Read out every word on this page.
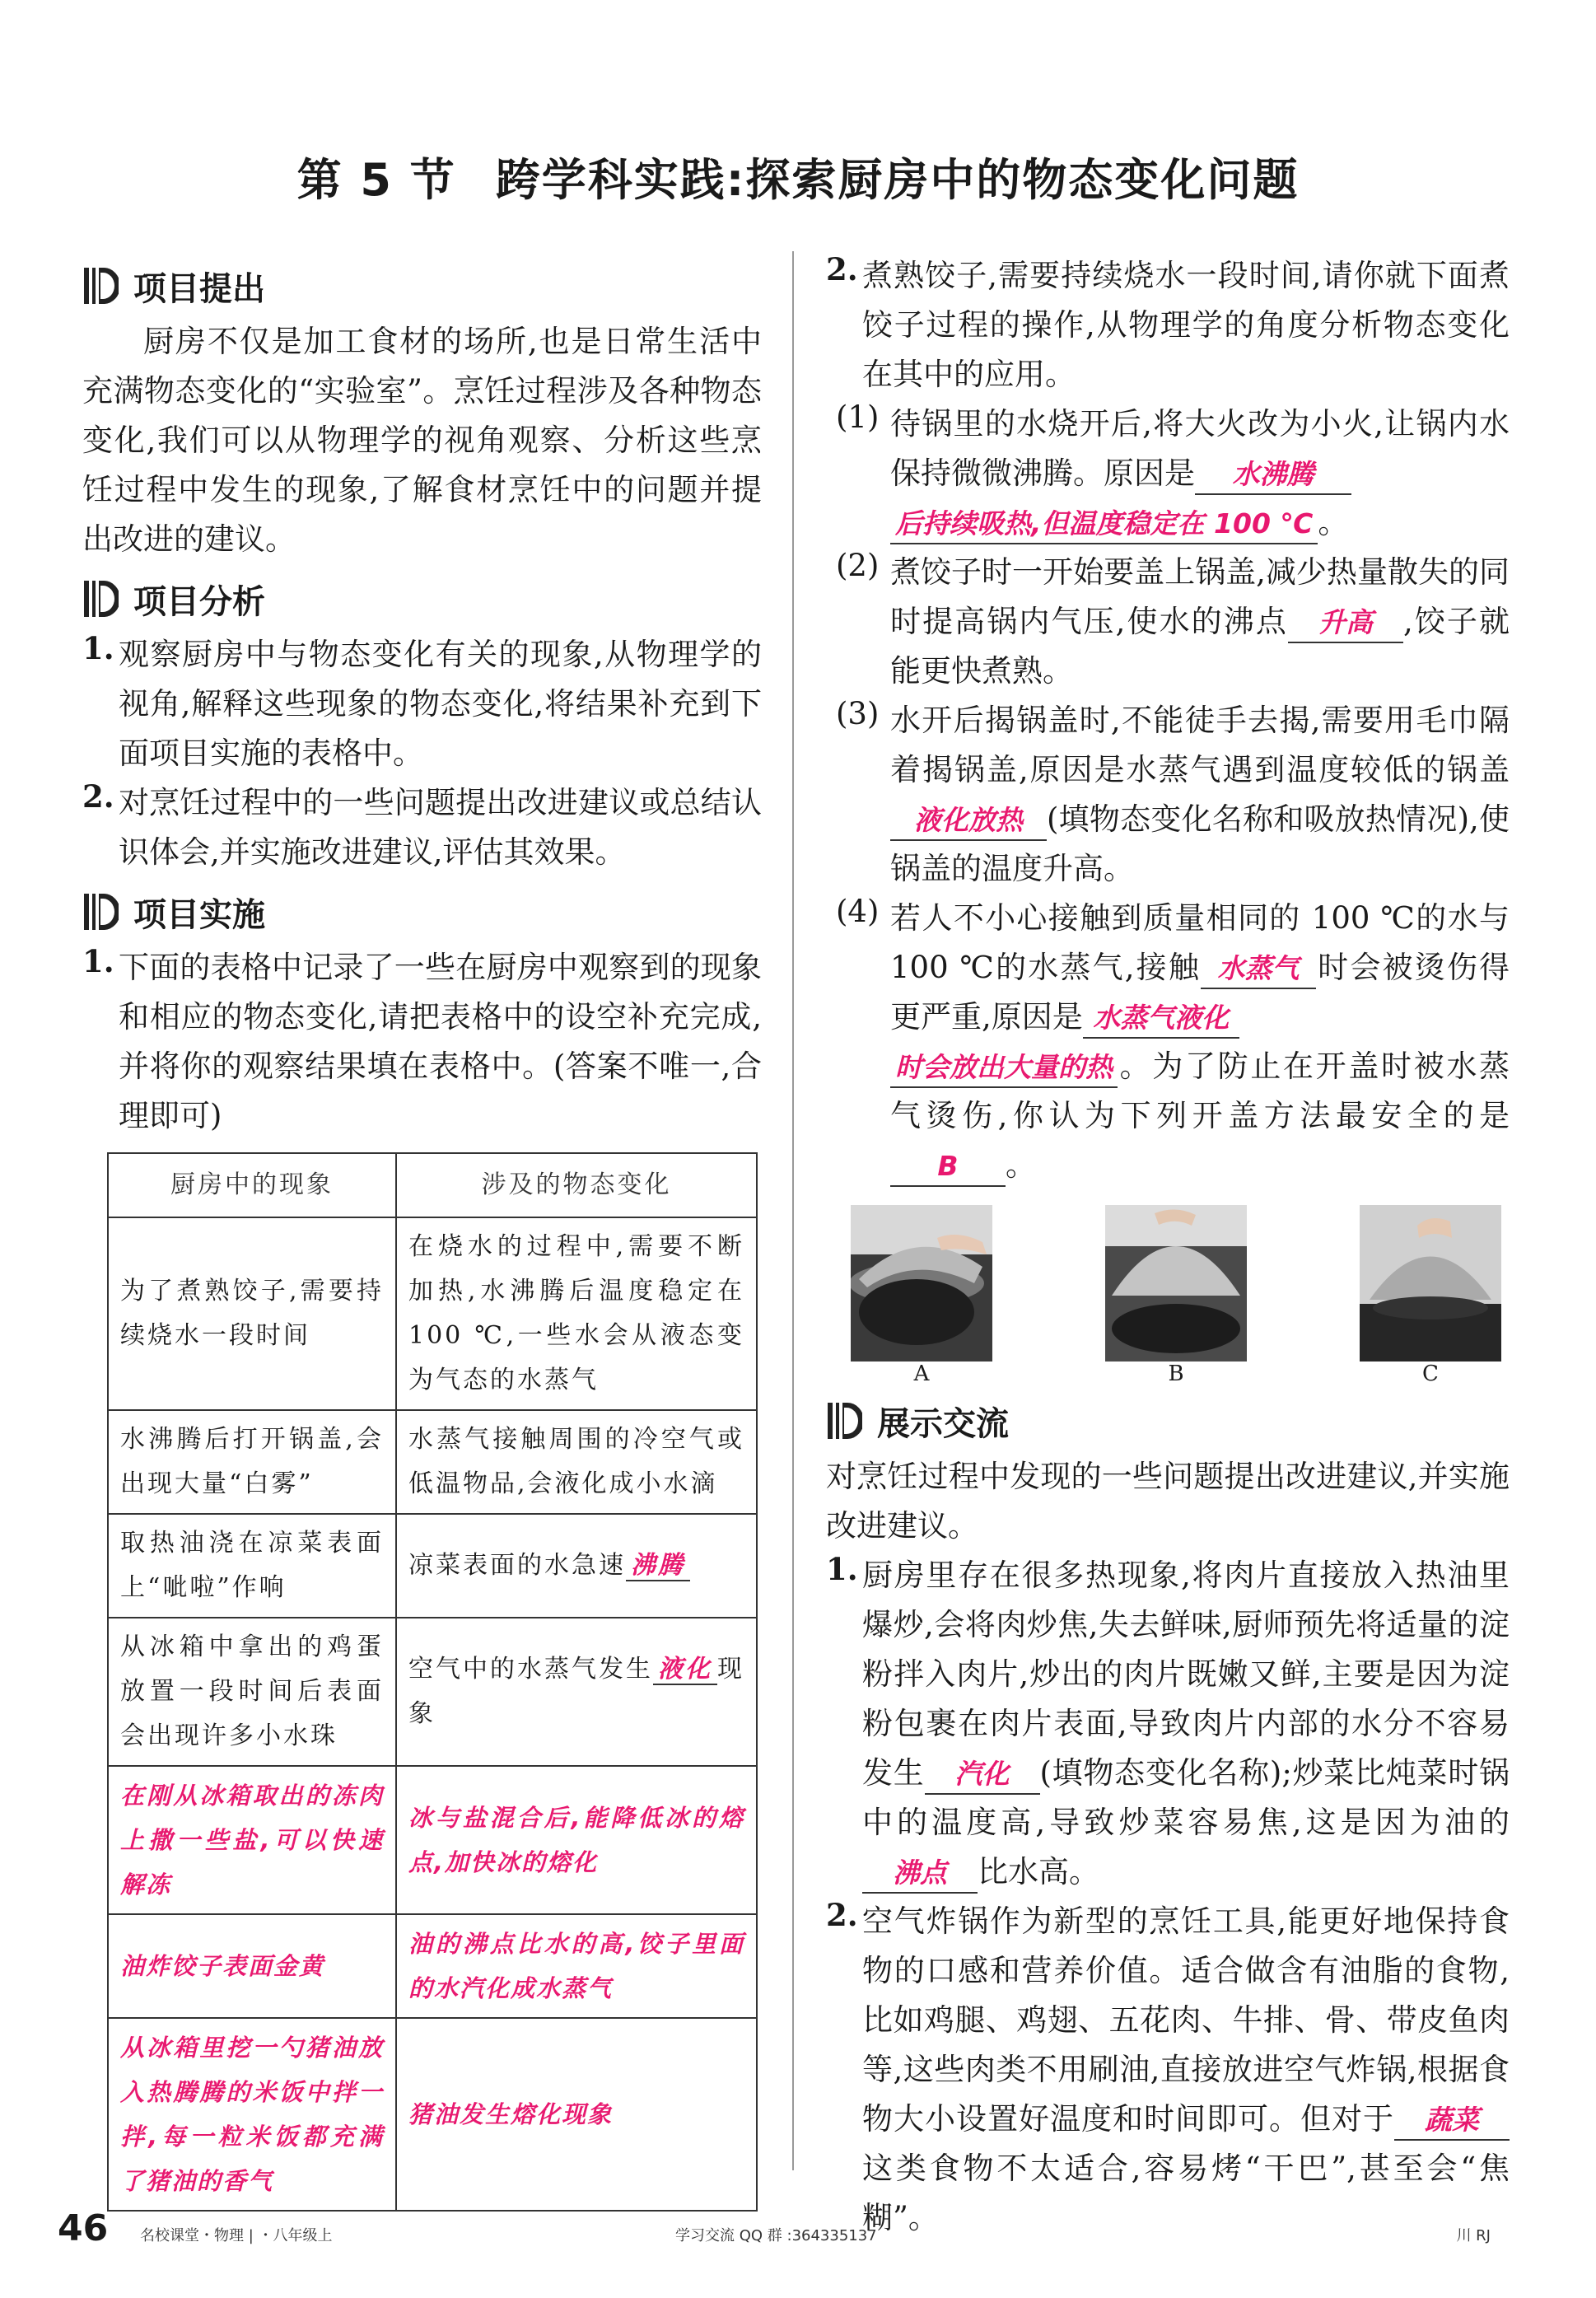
第 5 节 跨学科实践:探索厨房中的物态变化问题
项目提出

厨房不仅是加工食材的场所,也是日常生活中充满物态变化的“实验室”。烹饪过程涉及各种物态变化,我们可以从物理学的视角观察、分析这些烹饪过程中发生的现象,了解食材烹饪中的问题并提出改进的建议。

项目分析
1. 观察厨房中与物态变化有关的现象,从物理学的视角,解释这些现象的物态变化,将结果补充到下面项目实施的表格中。
2. 对烹饪过程中的一些问题提出改进建议或总结认识体会,并实施改进建议,评估其效果。
项目实施
1. 下面的表格中记录了一些在厨房中观察到的现象和相应的物态变化,请把表格中的设空补充完成,并将你的观察结果填在表格中。(答案不唯一,合理即可)
厨房中的现象	涉及的物态变化
为了煮熟饺子,需要持续烧水一段时间	在烧水的过程中,需要不断加热,水沸腾后温度稳定在 100 ℃,一些水会从液态变为气态的水蒸气
水沸腾后打开锅盖,会出现大量“白雾”	水蒸气接触周围的冷空气或低温物品,会液化成小水滴
取热油浇在凉菜表面上“呲啦”作响	凉菜表面的水急速 沸腾
从冰箱中拿出的鸡蛋放置一段时间后表面会出现许多小水珠	空气中的水蒸气发生 液化 现象
在刚从冰箱取出的冻肉上撒一些盐,可以快速解冻	冰与盐混合后,能降低冰的熔点,加快冰的熔化
油炸饺子表面金黄	油的沸点比水的高,饺子里面的水汽化成水蒸气
从冰箱里挖一勺猪油放入热腾腾的米饭中拌一拌,每一粒米饭都充满了猪油的香气	猪油发生熔化现象
2. 煮熟饺子,需要持续烧水一段时间,请你就下面煮饺子过程的操作,从物理学的角度分析物态变化在其中的应用。
(1) 待锅里的水烧开后,将大火改为小火,让锅内水保持微微沸腾。原因是 水沸腾
后持续吸热,但温度稳定在 100 ℃ 。
(2) 煮饺子时一开始要盖上锅盖,减少热量散失的同时提高锅内气压,使水的沸点 升高 ,饺子就能更快煮熟。
(3) 水开后揭锅盖时,不能徒手去揭,需要用毛巾隔着揭锅盖,原因是水蒸气遇到温度较低的锅盖液化放热 (填物态变化名称和吸放热情况),使锅盖的温度升高。
(4) 若人不小心接触到质量相同的 100 ℃的水与 100 ℃的水蒸气,接触 水蒸气 时会被烫伤得更严重,原因是 水蒸气液化
时会放出大量的热 。为了防止在开盖时被水蒸气烫伤,你认为下列开盖方法最安全的是B 。
A	B	C
展示交流

对烹饪过程中发现的一些问题提出改进建议,并实施改进建议。

1. 厨房里存在很多热现象,将肉片直接放入热油里爆炒,会将肉炒焦,失去鲜味,厨师预先将适量的淀粉拌入肉片,炒出的肉片既嫩又鲜,主要是因为淀粉包裹在肉片表面,导致肉片内部的水分不容易发生 汽化 (填物态变化名称);炒菜比炖菜时锅中的温度高,导致炒菜容易焦,这是因为油的沸点 比水高。
2. 空气炸锅作为新型的烹饪工具,能更好地保持食物的口感和营养价值。适合做含有油脂的食物,比如鸡腿、鸡翅、五花肉、牛排、骨、带皮鱼肉等,这些肉类不用刷油,直接放进空气炸锅,根据食物大小设置好温度和时间即可。但对于 蔬菜这类食物不太适合,容易烤“干巴”,甚至会“焦糊”。
46 名校课堂・物理 | ・八年级上	学习交流 QQ 群 :364335137	川 RJ
